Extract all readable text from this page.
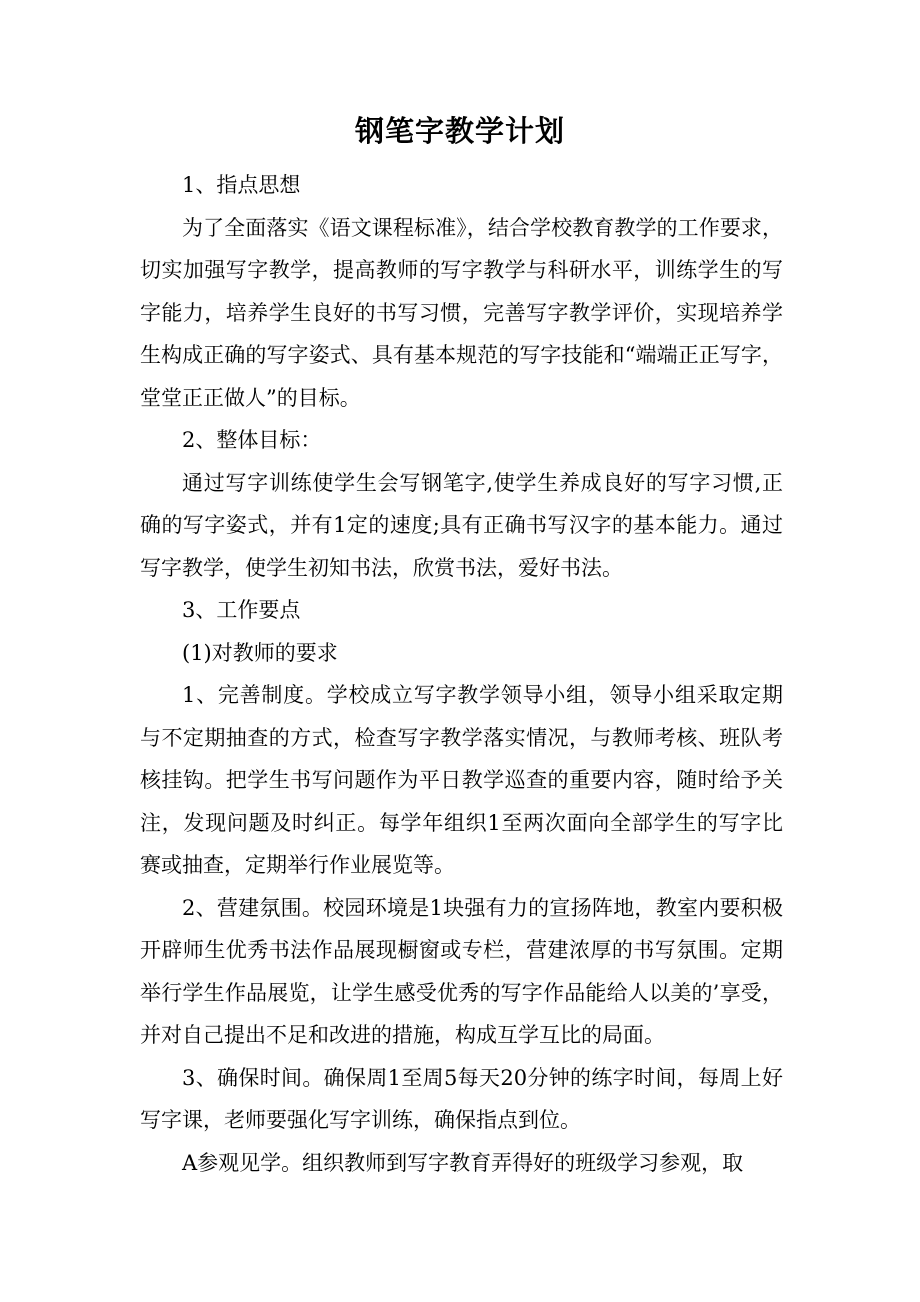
钢笔字教学计划

1、指点思想

为了全面落实《语文课程标准》，结合学校教育教学的工作要求，切实加强写字教学，提高教师的写字教学与科研水平，训练学生的写字能力，培养学生良好的书写习惯，完善写字教学评价，实现培养学生构成正确的写字姿式、具有基本规范的写字技能和“端端正正写字，堂堂正正做人”的目标。

2、整体目标：

通过写字训练使学生会写钢笔字,使学生养成良好的写字习惯,正确的写字姿式，并有1定的速度;具有正确书写汉字的基本能力。通过写字教学，使学生初知书法，欣赏书法，爱好书法。

3、工作要点

(1)对教师的要求

1、完善制度。学校成立写字教学领导小组，领导小组采取定期与不定期抽查的方式，检查写字教学落实情况，与教师考核、班队考核挂钩。把学生书写问题作为平日教学巡查的重要内容，随时给予关注，发现问题及时纠正。每学年组织1至两次面向全部学生的写字比赛或抽查，定期举行作业展览等。

2、营建氛围。校园环境是1块强有力的宣扬阵地，教室内要积极开辟师生优秀书法作品展现橱窗或专栏，营建浓厚的书写氛围。定期举行学生作品展览，让学生感受优秀的写字作品能给人以美的’享受，并对自己提出不足和改进的措施，构成互学互比的局面。

3、确保时间。确保周1至周5每天20分钟的练字时间，每周上好写字课，老师要强化写字训练，确保指点到位。

A参观见学。组织教师到写字教育弄得好的班级学习参观，取
